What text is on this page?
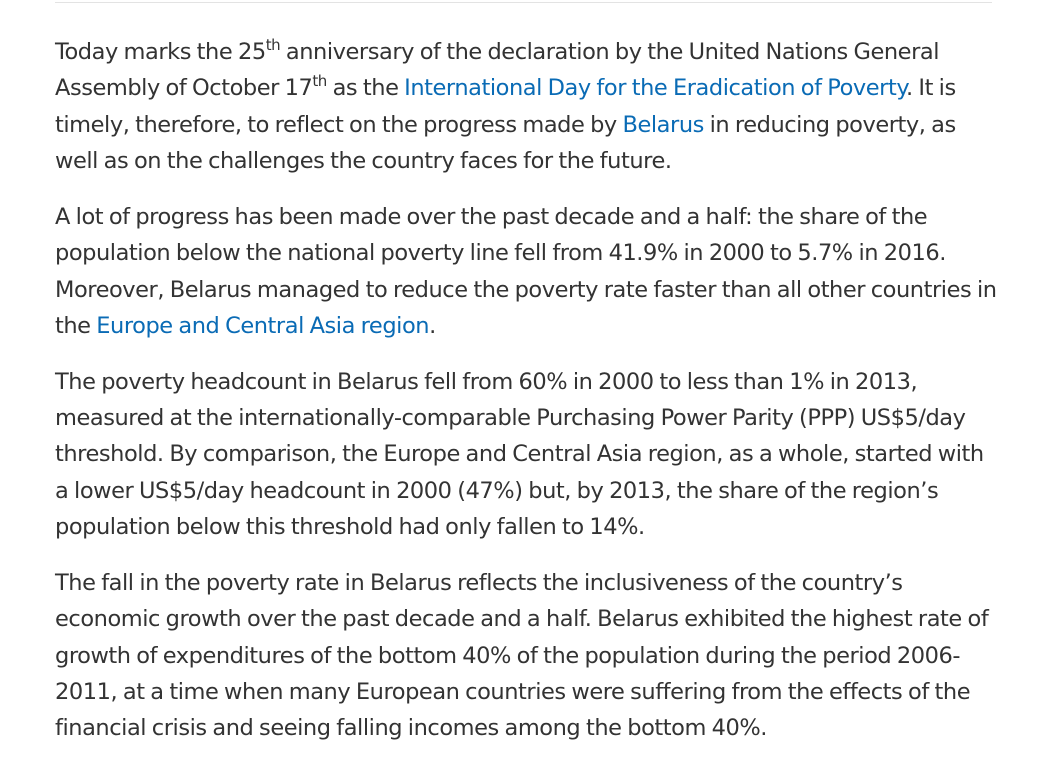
Today marks the 25th anniversary of the declaration by the United Nations General Assembly of October 17th as the International Day for the Eradication of Poverty. It is timely, therefore, to reflect on the progress made by Belarus in reducing poverty, as well as on the challenges the country faces for the future.

A lot of progress has been made over the past decade and a half: the share of the population below the national poverty line fell from 41.9% in 2000 to 5.7% in 2016. Moreover, Belarus managed to reduce the poverty rate faster than all other countries in the Europe and Central Asia region.

The poverty headcount in Belarus fell from 60% in 2000 to less than 1% in 2013, measured at the internationally-comparable Purchasing Power Parity (PPP) US$5/day threshold. By comparison, the Europe and Central Asia region, as a whole, started with a lower US$5/day headcount in 2000 (47%) but, by 2013, the share of the region’s population below this threshold had only fallen to 14%.

The fall in the poverty rate in Belarus reflects the inclusiveness of the country’s economic growth over the past decade and a half. Belarus exhibited the highest rate of growth of expenditures of the bottom 40% of the population during the period 2006-2011, at a time when many European countries were suffering from the effects of the financial crisis and seeing falling incomes among the bottom 40%.
